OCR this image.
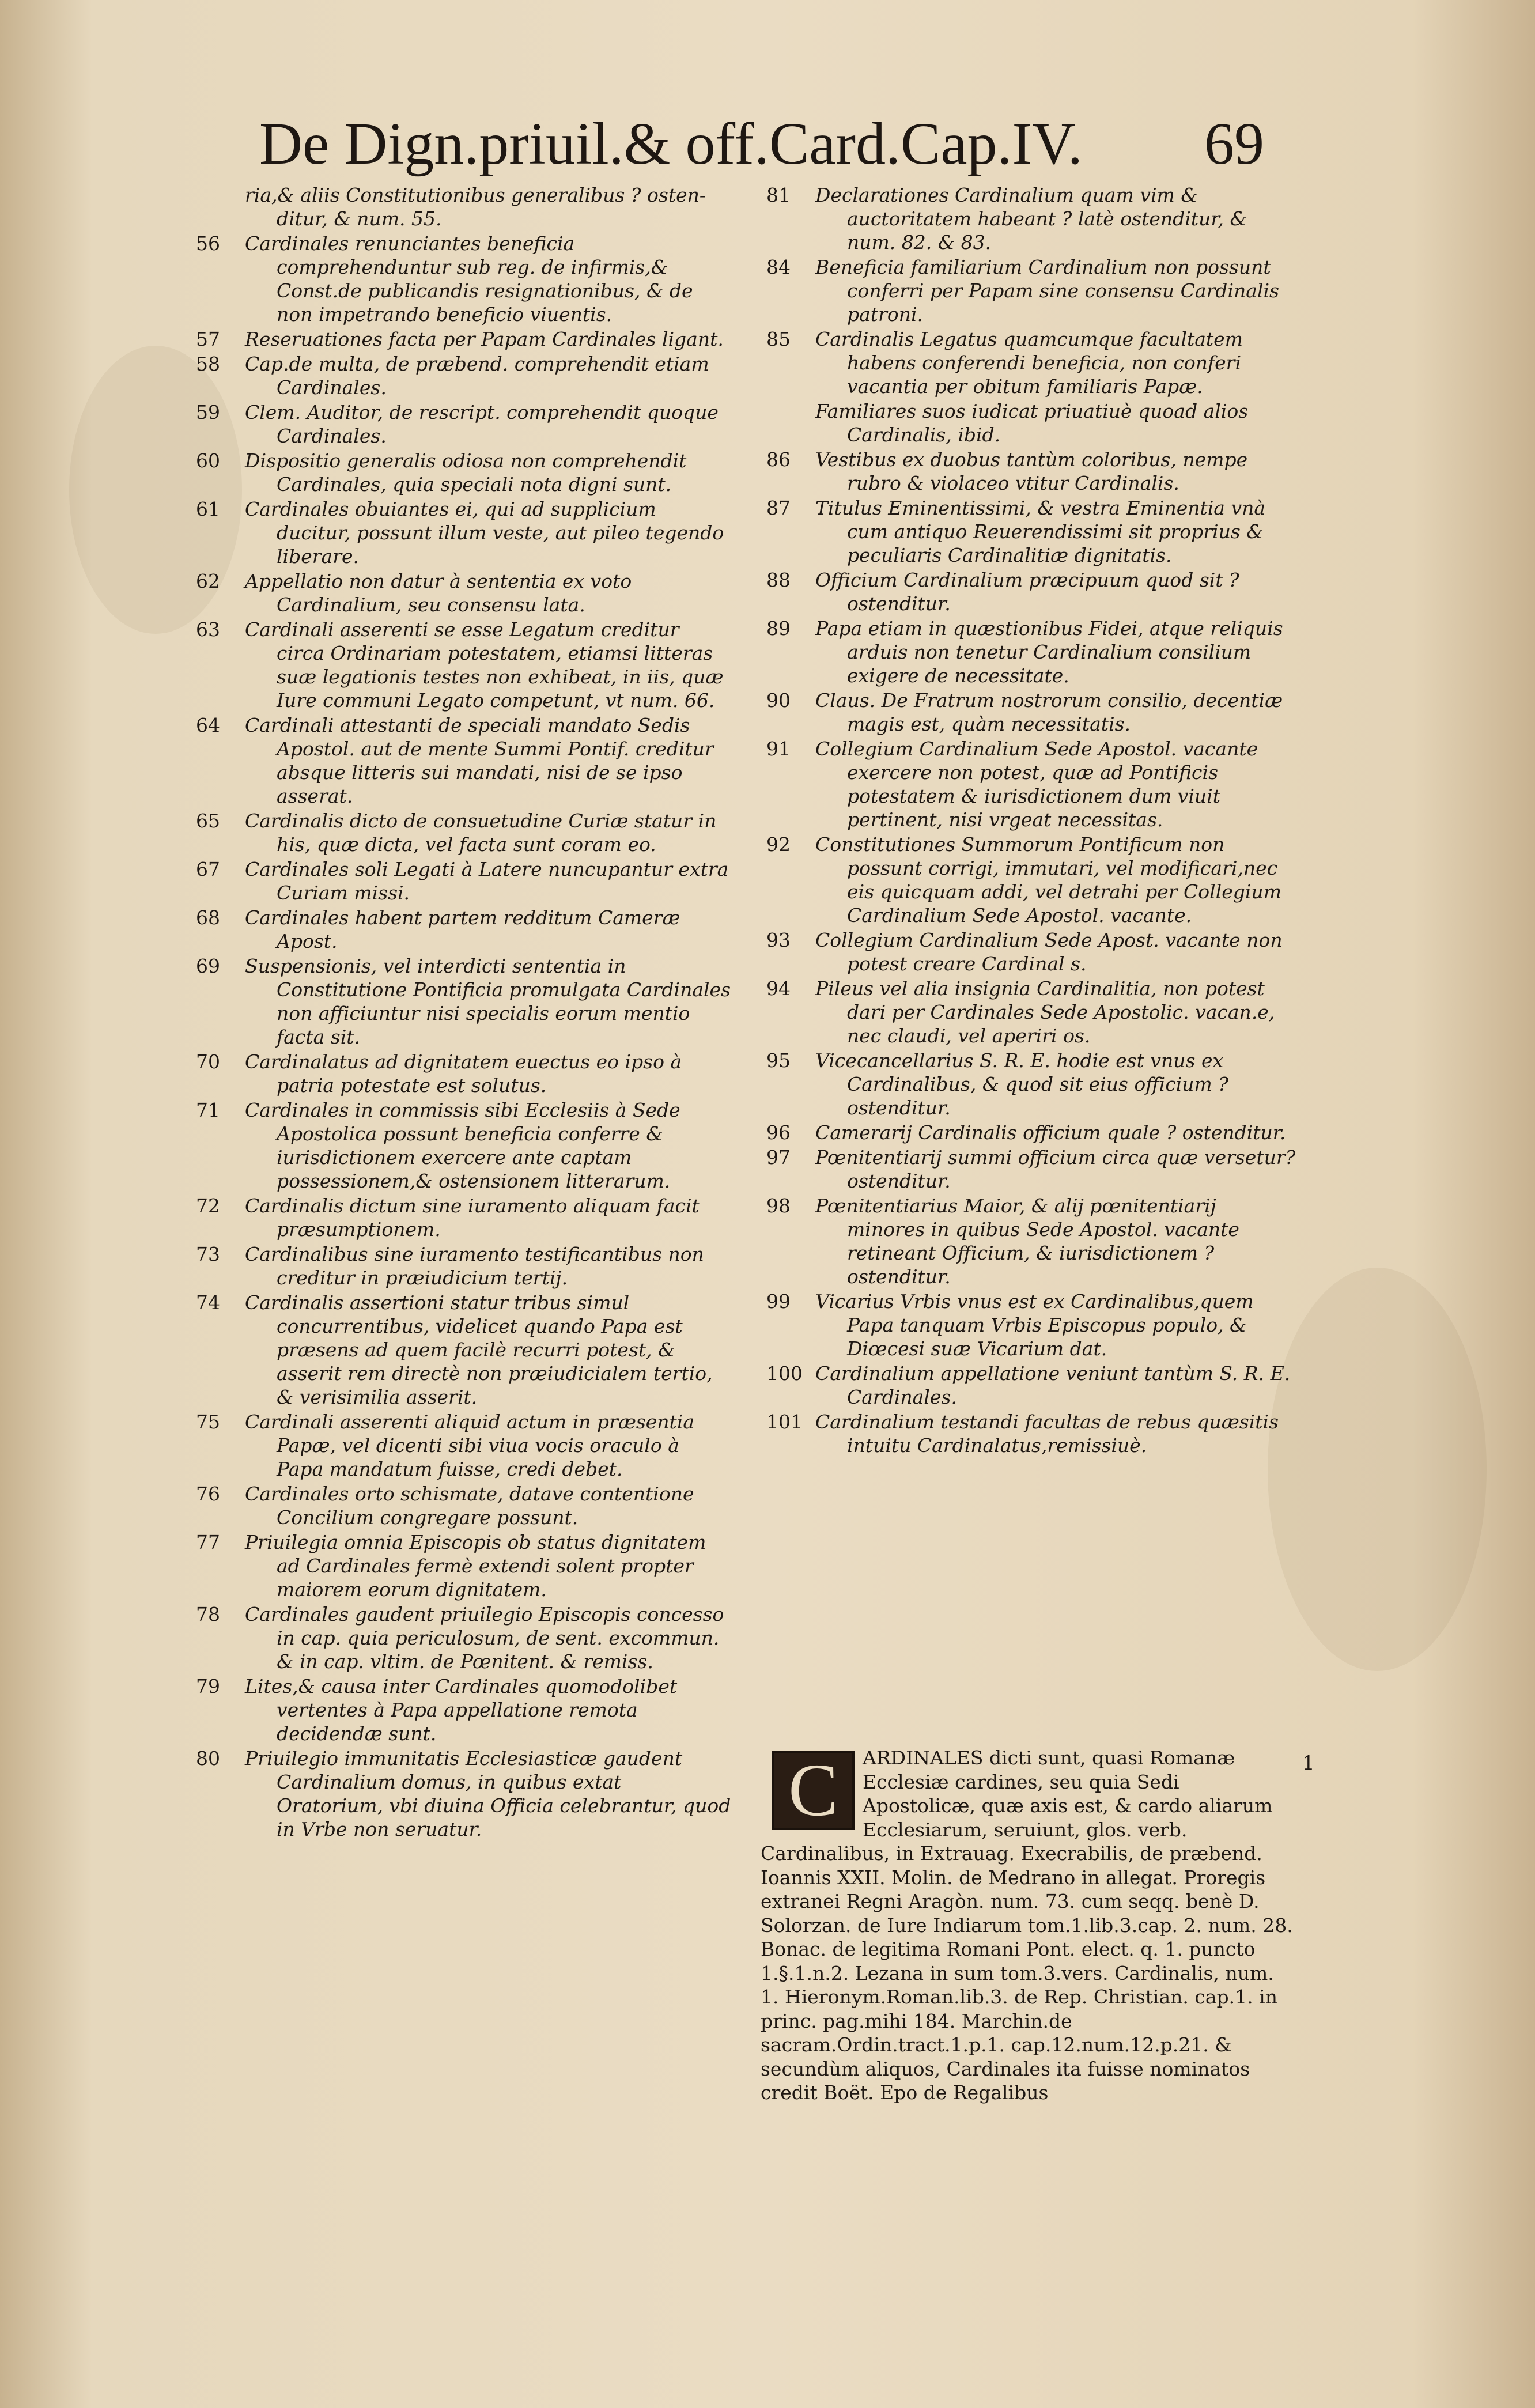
De Dign.priuil.& off.Card.Cap.IV. 69
ria,& aliis Constitutionibus generalibus ? osten-ditur, & num. 55.
56 Cardinales renunciantes beneficia comprehenduntur sub reg. de infirmis,& Const.de publicandis resignationibus, & de non impetrando beneficio viuentis.
57 Reseruationes facta per Papam Cardinales ligant.
58 Cap.de multa, de præbend. comprehendit etiam Cardinales.
59 Clem. Auditor, de rescript. comprehendit quoque Cardinales.
60 Dispositio generalis odiosa non comprehendit Cardinales, quia speciali nota digni sunt.
61 Cardinales obuiantes ei, qui ad supplicium ducitur, possunt illum veste, aut pileo tegendo liberare.
62 Appellatio non datur à sententia ex voto Cardinalium, seu consensu lata.
63 Cardinali asserenti se esse Legatum creditur circa Ordinariam potestatem, etiamsi litteras suæ legationis testes non exhibeat, in iis, quæ Iure communi Legato competunt, vt num. 66.
64 Cardinali attestanti de speciali mandato Sedis Apostol. aut de mente Summi Pontif. creditur absque litteris sui mandati, nisi de se ipso asserat.
65 Cardinalis dicto de consuetudine Curiæ statur in his, quæ dicta, vel facta sunt coram eo.
67 Cardinales soli Legati à Latere nuncupantur extra Curiam missi.
68 Cardinales habent partem redditum Cameræ Apost.
69 Suspensionis, vel interdicti sententia in Constitutione Pontificia promulgata Cardinales non afficiuntur nisi specialis eorum mentio facta sit.
70 Cardinalatus ad dignitatem euectus eo ipso à patria potestate est solutus.
71 Cardinales in commissis sibi Ecclesiis à Sede Apostolica possunt beneficia conferre & iurisdictionem exercere ante captam possessionem,& ostensionem litterarum.
72 Cardinalis dictum sine iuramento aliquam facit præsumptionem.
73 Cardinalibus sine iuramento testificantibus non creditur in præiudicium tertij.
74 Cardinalis assertioni statur tribus simul concurrentibus, videlicet quando Papa est præsens ad quem facilè recurri potest, & asserit rem directè non præiudicialem tertio, & verisimilia asserit.
75 Cardinali asserenti aliquid actum in præsentia Papæ, vel dicenti sibi viua vocis oraculo à Papa mandatum fuisse, credi debet.
76 Cardinales orto schismate, datave contentione Concilium congregare possunt.
77 Priuilegia omnia Episcopis ob status dignitatem ad Cardinales fermè extendi solent propter maiorem eorum dignitatem.
78 Cardinales gaudent priuilegio Episcopis concesso in cap. quia periculosum, de sent. excommun. & in cap. vltim. de Pœnitent. & remiss.
79 Lites,& causa inter Cardinales quomodolibet vertentes à Papa appellatione remota decidendæ sunt.
80 Priuilegio immunitatis Ecclesiasticæ gaudent Cardinalium domus, in quibus extat Oratorium, vbi diuina Officia celebrantur, quod in Vrbe non seruatur.
81 Declarationes Cardinalium quam vim & auctoritatem habeant ? latè ostenditur, & num. 82. & 83.
84 Beneficia familiarium Cardinalium non possunt conferri per Papam sine consensu Cardinalis patroni.
85 Cardinalis Legatus quamcumque facultatem habens conferendi beneficia, non conferi vacantia per obitum familiaris Papæ.
Familiares suos iudicat priuatiuè quoad alios Cardinalis, ibid.
86 Vestibus ex duobus tantùm coloribus, nempe rubro & violaceo vtitur Cardinalis.
87 Titulus Eminentissimi, & vestra Eminentia vnà cum antiquo Reuerendissimi sit proprius & peculiaris Cardinalitiæ dignitatis.
88 Officium Cardinalium præcipuum quod sit ? ostenditur.
89 Papa etiam in quæstionibus Fidei, atque reliquis arduis non tenetur Cardinalium consilium exigere de necessitate.
90 Claus. De Fratrum nostrorum consilio, decentiæ magis est, quàm necessitatis.
91 Collegium Cardinalium Sede Apostol. vacante exercere non potest, quæ ad Pontificis potestatem & iurisdictionem dum viuit pertinent, nisi vrgeat necessitas.
92 Constitutiones Summorum Pontificum non possunt corrigi, immutari, vel modificari,nec eis quicquam addi, vel detrahi per Collegium Cardinalium Sede Apostol. vacante.
93 Collegium Cardinalium Sede Apost. vacante non potest creare Cardinal s.
94 Pileus vel alia insignia Cardinalitia, non potest dari per Cardinales Sede Apostolic. vacan.e, nec claudi, vel aperiri os.
95 Vicecancellarius S. R. E. hodie est vnus ex Cardinalibus, & quod sit eius officium ? ostenditur.
96 Camerarij Cardinalis officium quale ? ostenditur.
97 Pœnitentiarij summi officium circa quæ versetur? ostenditur.
98 Pœnitentiarius Maior, & alij pœnitentiarij minores in quibus Sede Apostol. vacante retineant Officium, & iurisdictionem ? ostenditur.
99 Vicarius Vrbis vnus est ex Cardinalibus,quem Papa tanquam Vrbis Episcopus populo, & Diœcesi suæ Vicarium dat.
100 Cardinalium appellatione veniunt tantùm S. R. E. Cardinales.
101 Cardinalium testandi facultas de rebus quæsitis intuitu Cardinalatus,remissiuè.
C	ARDINALES dicti sunt, quasi Romanæ Ecclesiæ cardines, seu quia Sedi Apostolicæ, quæ axis est, & cardo aliarum Ecclesiarum, seruiunt, glos. verb. Cardinalibus, in Extrauag. Execrabilis, de præbend. Ioannis XXII. Molin. de Medrano in allegat. Proregis extranei Regni Aragòn. num. 73. cum seqq. benè D. Solorzan. de Iure Indiarum tom.1.lib.3.cap. 2. num. 28. Bonac. de legitima Romani Pont. elect. q. 1. puncto 1.§.1.n.2. Lezana in sum tom.3.vers. Cardinalis, num. 1. Hieronym.Roman.lib.3. de Rep. Christian. cap.1. in princ. pag.mihi 184. Marchin.de sacram.Ordin.tract.1.p.1. cap.12.num.12.p.21. & secundùm aliquos, Cardinales ita fuisse nominatos credit Boët. Epo de Regalibus
1
